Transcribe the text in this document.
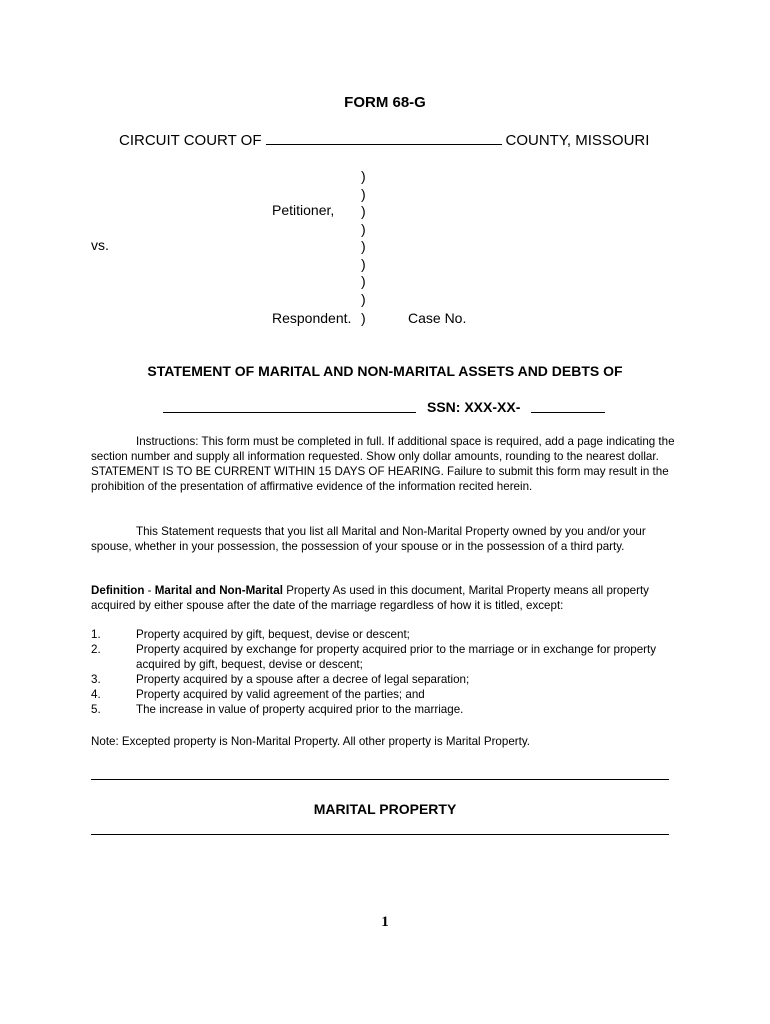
FORM 68-G
CIRCUIT COURT OF	COUNTY, MISSOURI
)
)
)
)
)
)
)
)
)
Petitioner,
vs.
Respondent.	Case No.
STATEMENT OF MARITAL AND NON-MARITAL ASSETS AND DEBTS OF
SSN: XXX-XX-
Instructions: This form must be completed in full. If additional space is required, add a page indicating the section number and supply all information requested. Show only dollar amounts, rounding to the nearest dollar. STATEMENT IS TO BE CURRENT WITHIN 15 DAYS OF HEARING. Failure to submit this form may result in the prohibition of the presentation of affirmative evidence of the information recited herein.
This Statement requests that you list all Marital and Non-Marital Property owned by you and/or your spouse, whether in your possession, the possession of your spouse or in the possession of a third party.
Definition - Marital and Non-Marital Property As used in this document, Marital Property means all property acquired by either spouse after the date of the marriage regardless of how it is titled, except:
1.	Property acquired by gift, bequest, devise or descent;
2.	Property acquired by exchange for property acquired prior to the marriage or in exchange for property acquired by gift, bequest, devise or descent;
3.	Property acquired by a spouse after a decree of legal separation;
4.	Property acquired by valid agreement of the parties; and
5.	The increase in value of property acquired prior to the marriage.
Note: Excepted property is Non-Marital Property. All other property is Marital Property.
MARITAL PROPERTY
1
